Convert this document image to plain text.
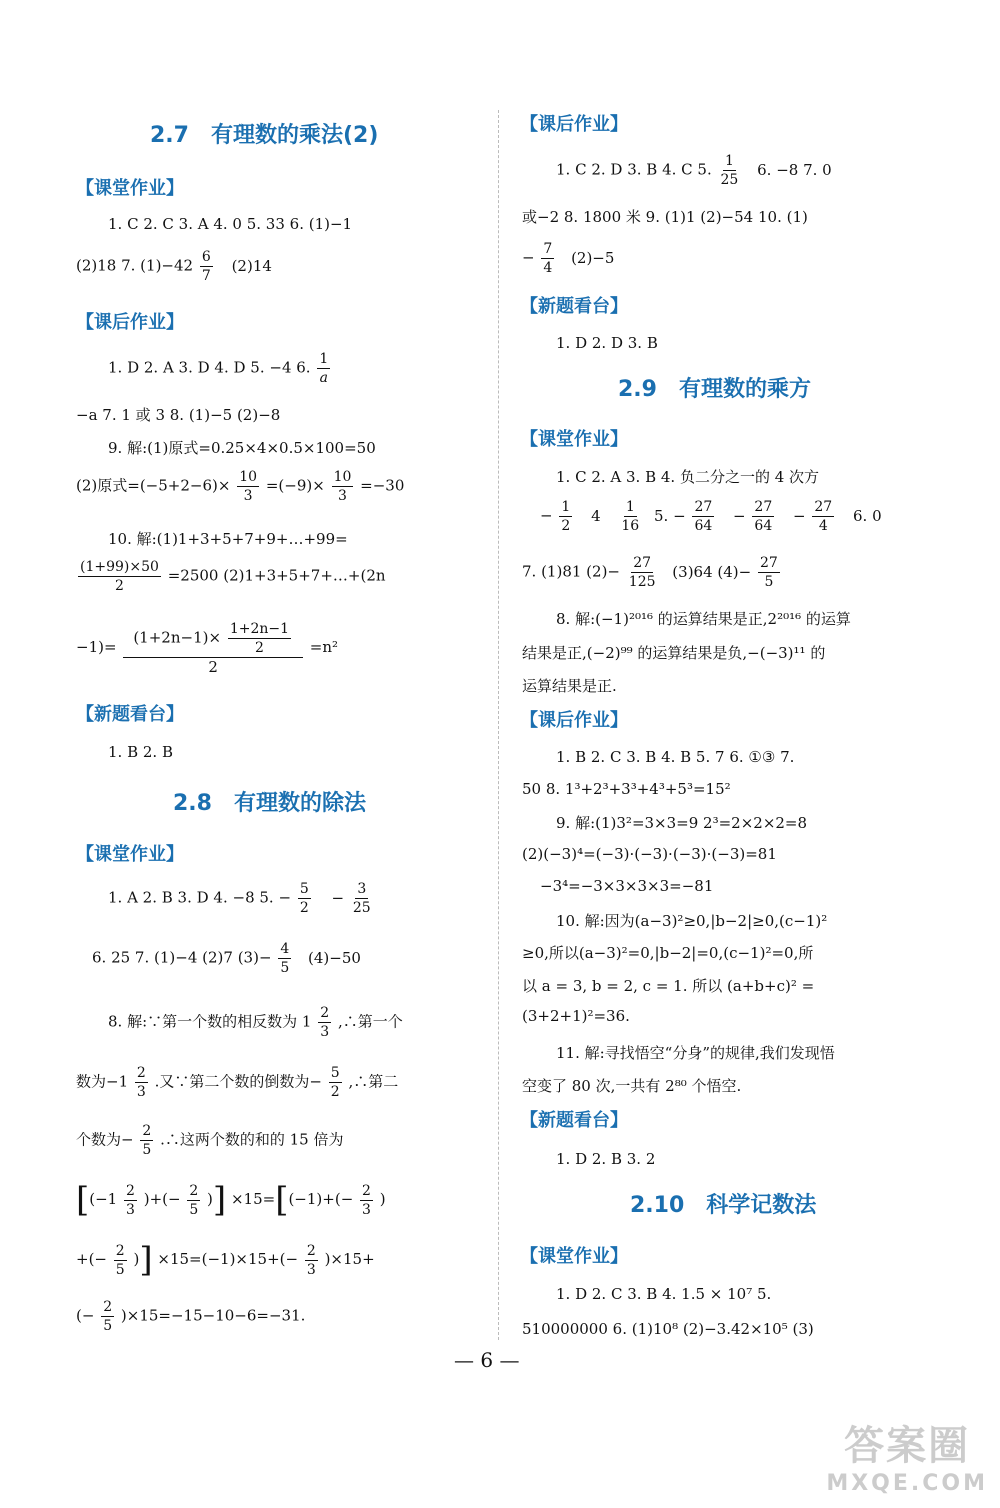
2.7 有理数的乘法(2)
【课堂作业】
1. C 2. C 3. A 4. 0 5. 33 6. (1)−1
(2)18 7. $(1)-42 \frac{6}{7} (2)14$
【课后作业】
1. D 2. A 3. D 4. D 5. −4 6. $\frac{1}{a}$
−a 7. 1 或 3 8. (1)−5 (2)−8
9. 解:(1)原式=0.25×4×0.5×100=50
(2)原式$=(-5+2-6)\times \frac{10}{3} =(-9)\times \frac{10}{3} =-30$
10. 解:(1)1+3+5+7+9+…+99=
$\frac{(1+99)\times 50}{2} =2500$ (2)1+3+5+7+…+(2n
$-1)= \frac{(1+2n-1)\times \frac{1+2n-1}{2}}{2} =n^2$
【新题看台】
1. B 2. B
2.8 有理数的除法
【课堂作业】
1. A 2. B 3. D 4. −8 5. − $\frac{5}{2} - \frac{3}{25}$
6. 25 7. (1)−4 (2)7 $(3)- \frac{4}{5} (4)-50$
8. 解:∵第一个数的相反数为 $1 \frac{2}{3}$ ,∴第一个
数为$-1 \frac{2}{3}$ .又∵第二个数的倒数为− $\frac{5}{2}$ ,∴第二
个数为− $\frac{2}{5}$ .∴这两个数的和的 15 倍为
[($-1 \frac{2}{3}$ )+(− $\frac{2}{5}$ )] $\times 15=[(-1)+(- \frac{2}{3}$ )
+(− $\frac{2}{5}$ )] $\times 15=(-1)\times 15+(- \frac{2}{3} )\times 15+$
(− $\frac{2}{5} )\times 15=-15-10-6=-31$.
【课后作业】
1. C 2. D 3. B 4. C 5. $\frac{1}{25} 6$. −8 7. 0
或−2 8. 1800 米 9. (1)1 (2)−54 10. (1)
− $\frac{7}{4} (2)-5$
【新题看台】
1. D 2. D 3. B
2.9 有理数的乘方
【课堂作业】
1. C 2. A 3. B 4. 负二分之一的 4 次方
− $\frac{1}{2} 4 \frac{1}{16} 5$. − $\frac{27}{64} - \frac{27}{64} - \frac{27}{4} 6$. 0
7. (1)81 $(2)- \frac{27}{125} (3)64$ $(4)- \frac{27}{5}$
8. 解:(−1)²⁰¹⁶ 的运算结果是正,2²⁰¹⁶ 的运算
结果是正,(−2)⁹⁹ 的运算结果是负,−(−3)¹¹ 的
运算结果是正.
【课后作业】
1. B 2. C 3. B 4. B 5. 7 6. ①③ 7.
50 8. 1³+2³+3³+4³+5³=15²
9. 解:(1)3²=3×3=9 2³=2×2×2=8
(2)(−3)⁴=(−3)·(−3)·(−3)·(−3)=81
−3⁴=−3×3×3×3=−81
10. 解:因为(a−3)²≥0,|b−2|≥0,(c−1)²
≥0,所以(a−3)²=0,|b−2|=0,(c−1)²=0,所
以 a = 3, b = 2, c = 1. 所以 (a+b+c)² =
(3+2+1)²=36.
11. 解:寻找悟空“分身”的规律,我们发现悟
空变了 80 次,一共有 2⁸⁰ 个悟空.
【新题看台】
1. D 2. B 3. 2
2.10 科学记数法
【课堂作业】
1. D 2. C 3. B 4. 1.5 × 10⁷ 5.
510000000 6. (1)10⁸ (2)−3.42×10⁵ (3)
— 6 —
答案圈
MXQE.COM
